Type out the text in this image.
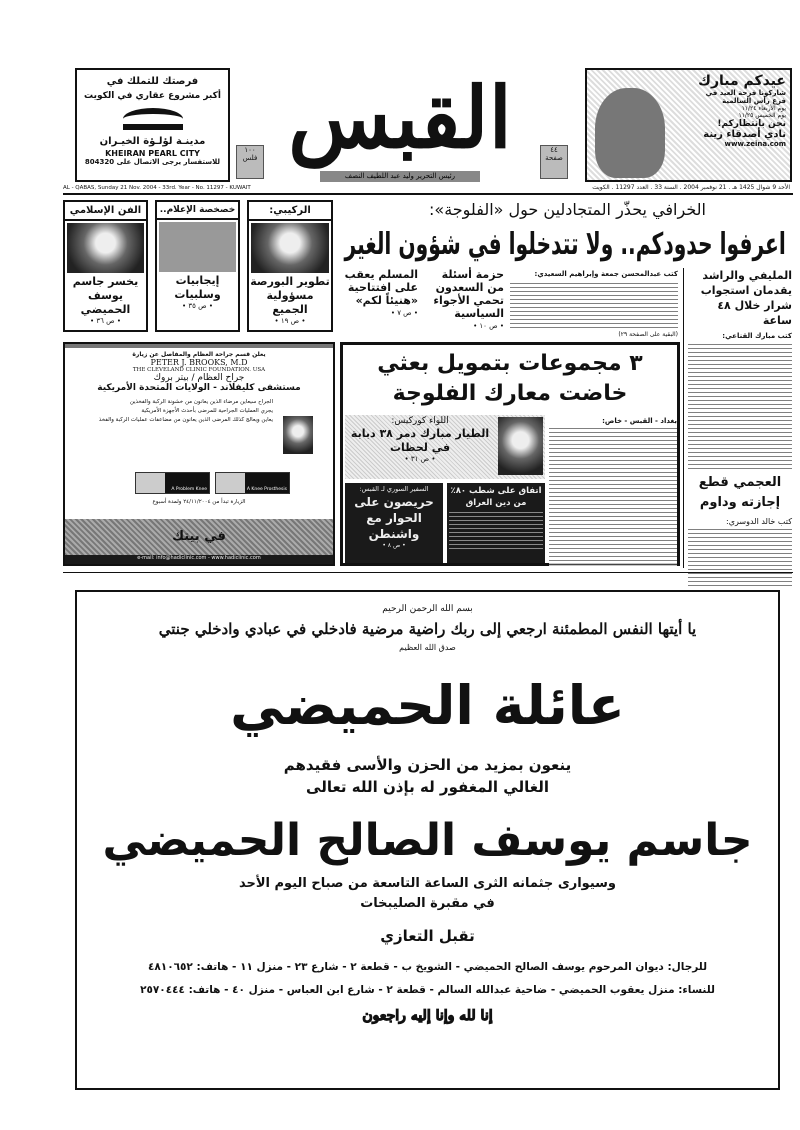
فرصتك للتملك في
أكبر مشروع عقاري في الكويت
مدينـة لؤلـؤة الخيـران
KHEIRAN PEARL CITY
للاستفسار يرجى الاتصال على 804320 القبس
١٠٠ فلس
٤٤ صفحة
رئيس التحرير وليد عبد اللطيف النصف
عيدكم مبارك
شاركونا فرحة العيد في
فرع رأس السالمية
يوم الأربعاء ١١/٢٤
يوم الخميس ١١/٢٥
نحن بانتظاركم!
نادي أصدقاء زينة
www.zeina.com
AL - QABAS, Sunday 21 Nov. 2004 - 33rd. Year - No. 11297 - KUWAIT	الأحد 9 شوال 1425 هـ . 21 نوفمبر 2004 . السنة 33 . العدد 11297 . الكويت
الفن الإسلامي
يخسر جاسم يوسف الحميضي
• ص ٣٦ •
خصخصة الإعلام..
إيجابيات وسلبيات
• ص ٣٥ •
الركيبي:
تطوير البورصة مسؤولية الجميع
• ص ١٩ •
الخرافي يحذّر المتجادلين حول «الفلوجة»:
اعرفوا حدودكم.. ولا تتدخلوا في شؤون الغير
المسلم يعقب على افتتاحية «هنيئاً لكم»
• ص ٧ •
حزمة أسئلة من السعدون تحمي الأجواء السياسية
• ص ١٠ •
كتب عبدالمحسن جمعة وإبراهيم السعيدي:
(البقية على الصفحة ٢٩)
المليفي والراشد يقدمان استجواب شرار خلال ٤٨ ساعة
كتب مبارك القناعي:
العجمي قطع إجازته وداوم
كتب خالد الدوسري:
يعلن قسم جراحة العظام والمفاصل عن زيارة
PETER J. BROOKS, M.D
THE CLEVELAND CLINIC FOUNDATION. USA
جراح العظام / بيتر بروك
مستشفى كليفلاند - الولايات المتحدة الأمريكية
الجراح سيعاين مرضاء الذين يعانون من خشونة الركبة والفخذين
يجري العمليات الجراحية للمرضى بأحدث الأجهزة الأمريكية
يعاين ويعالج كذلك المرضى الذين يعانون من مضاعفات عمليات الركبة والفخذ
A Problem Knee	A Knee Prosthesis
الزيارة تبدأ من ٢٤/١١/٢٠٠٤ ولمدة أسبوع
في بيتك
e-mail: info@hadiclinic.com - www.hadiclinic.com
٣ مجموعات بتمويل بعثي خاضت معارك الفلوجة
اللواء كوركيس:
الطيار مبارك دمر ٣٨ دبابة في لحظات
• ص ٣١ •
بغداد - القبس - خاص:
اتفاق على شطب ٨٠٪ من دين العراق
السفير السوري لـ القبس:
حريصون على الحوار مع واشنطن
• ص ٨ •
بسم الله الرحمن الرحيم
يا أيتها النفس المطمئنة ارجعي إلى ربك راضية مرضية فادخلي في عبادي وادخلي جنتي
صدق الله العظيم
عائلة الحميضي
ينعون بمزيد من الحزن والأسى فقيدهم
الغالي المغفور له بإذن الله تعالى
جاسم يوسف الصالح الحميضي
وسيوارى جثمانه الثرى الساعة التاسعة من صباح اليوم الأحد
في مقبرة الصليبخات
تقبل التعازي
للرجال: ديوان المرحوم يوسف الصالح الحميضي - الشويخ ب - قطعة ٢ - شارع ٢٣ - منزل ١١ - هاتف: ٤٨١٠٦٥٢
للنساء: منزل يعقوب الحميضي - ضاحية عبدالله السالم - قطعة ٢ - شارع ابن العباس - منزل ٤٠ - هاتف: ٢٥٧٠٤٤٤
إنا لله وإنا إليه راجعون
